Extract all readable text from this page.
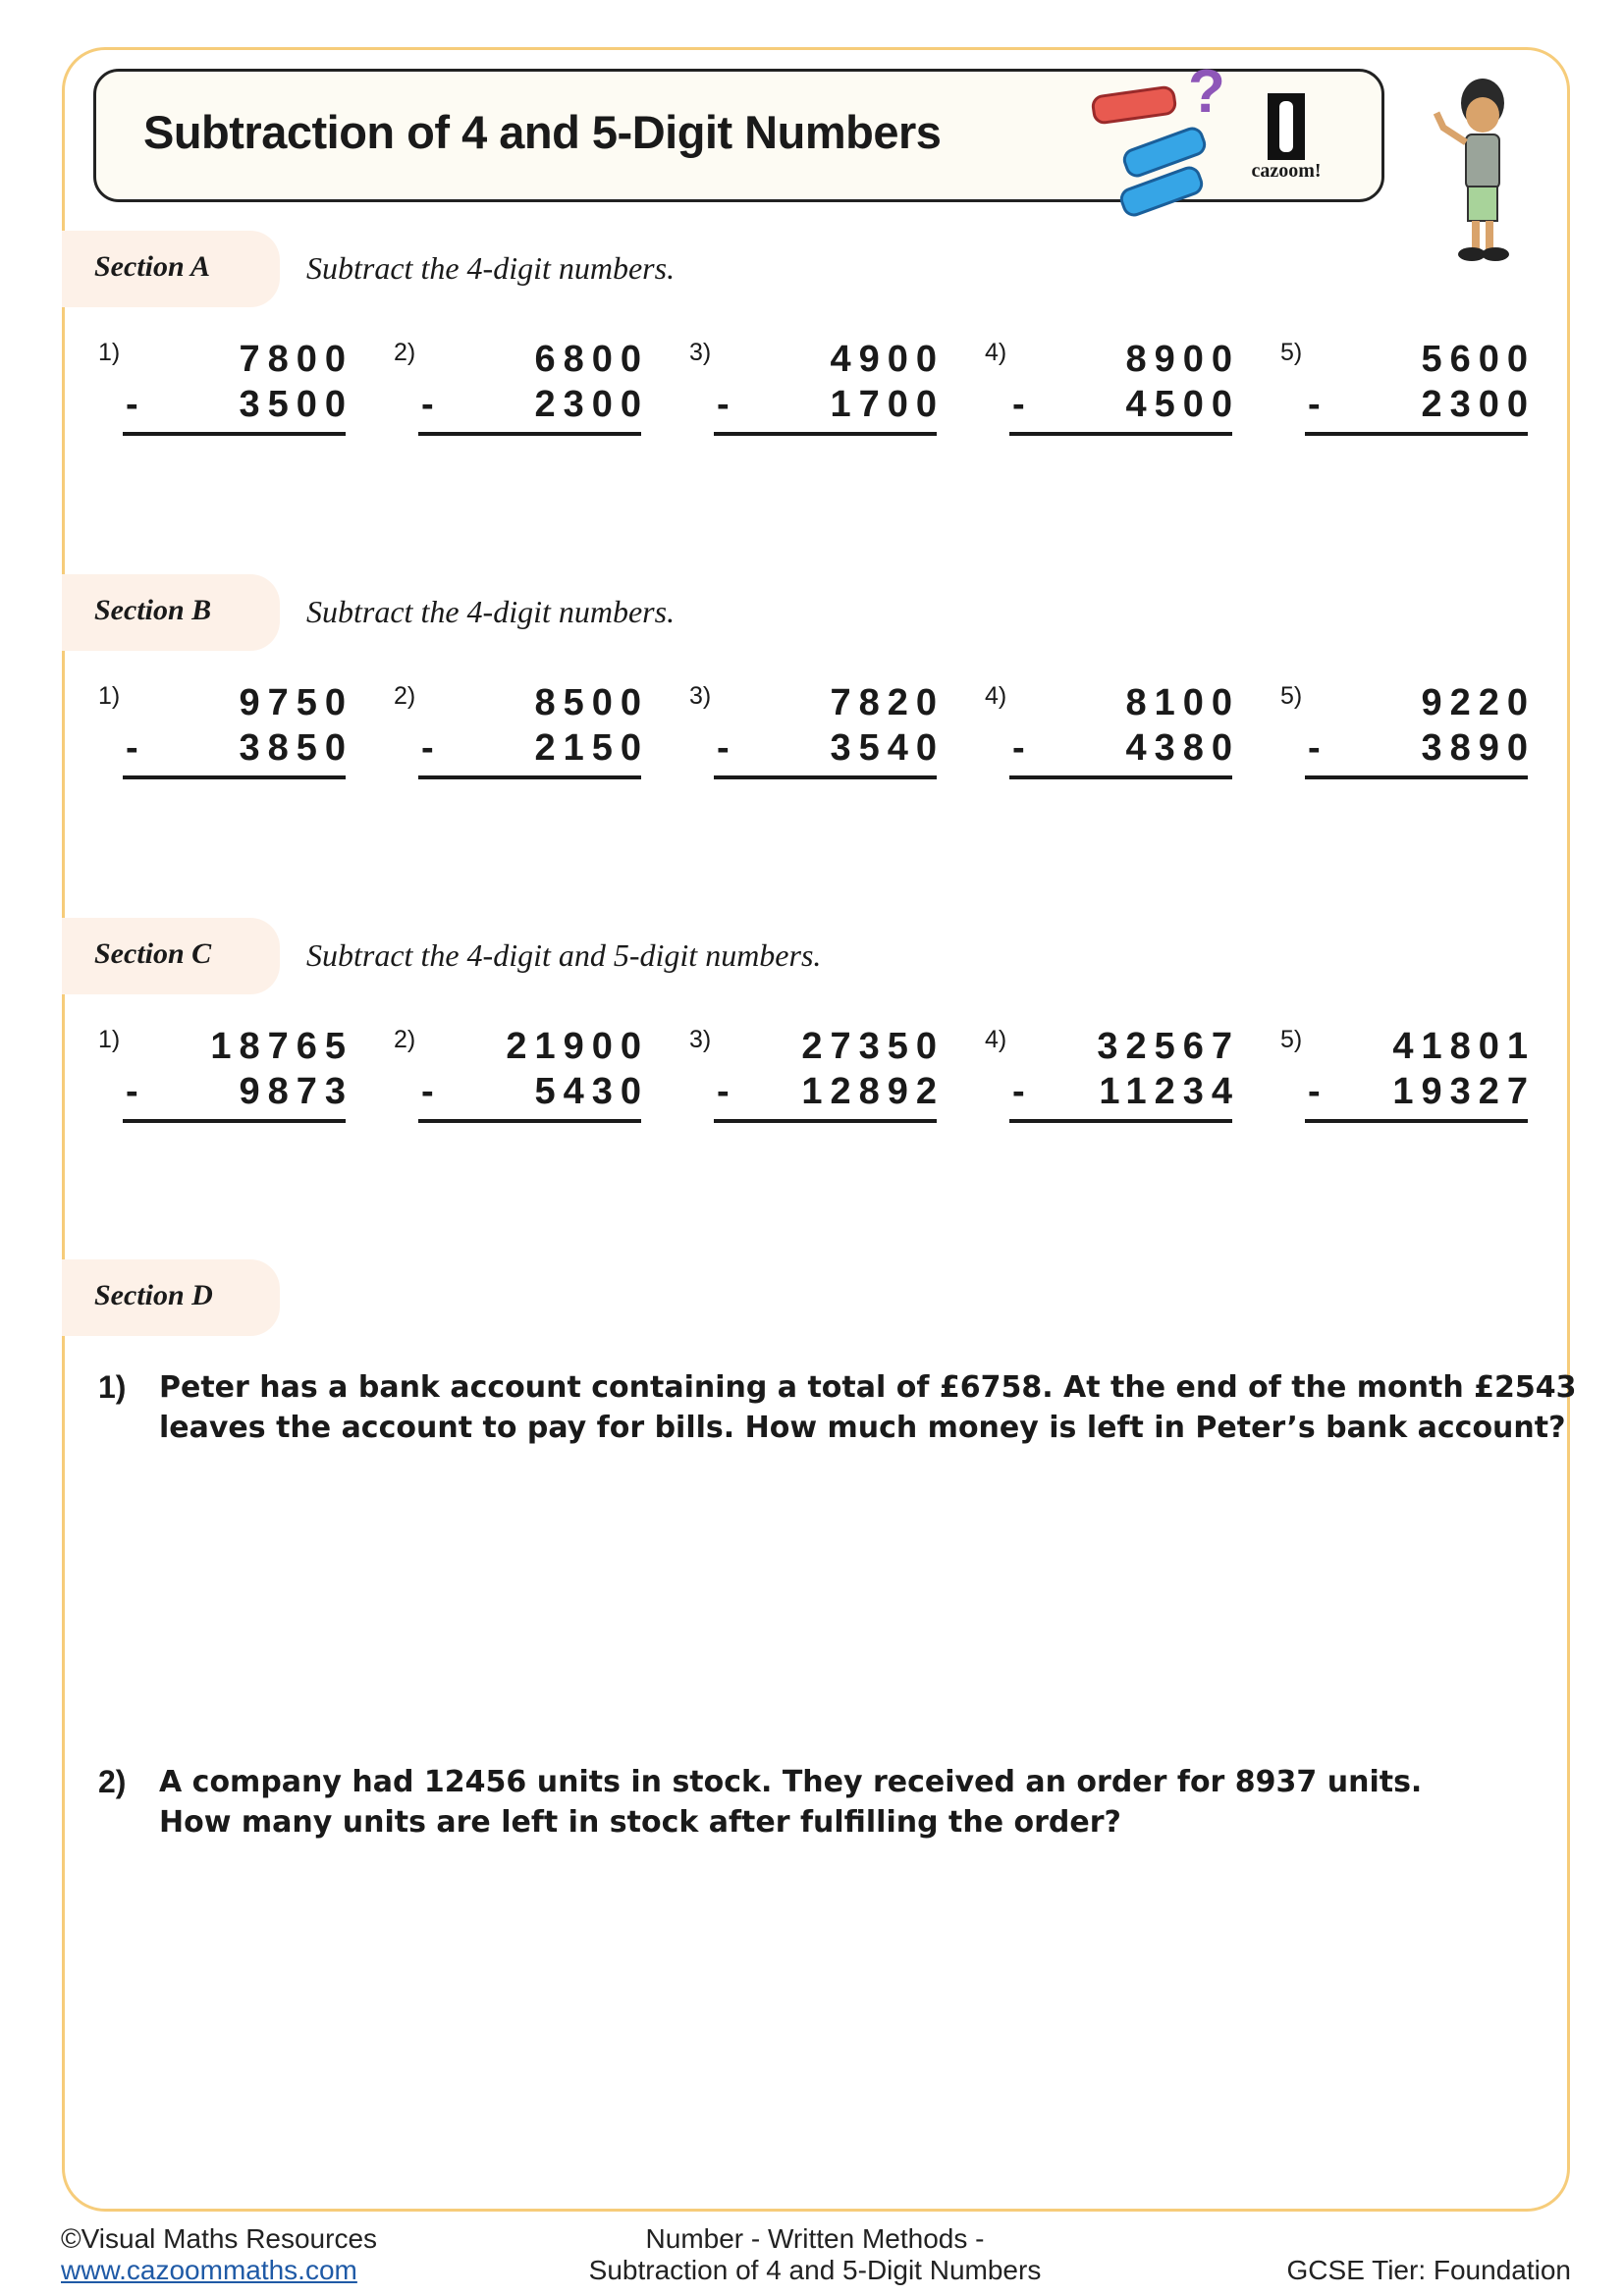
Subtraction of 4 and 5-Digit Numbers
?
cazoom!
Section A	Subtract the 4-digit numbers.
1)	7800
-	3500
2)	6800
-	2300
3)	4900
-	1700
4)	8900
-	4500
5)	5600
-	2300
Section B	Subtract the 4-digit numbers.
1)	9750
-	3850
2)	8500
-	2150
3)	7820
-	3540
4)	8100
-	4380
5)	9220
-	3890
Section C	Subtract the 4-digit and 5-digit numbers.
1) 18765
-	9873
2) 21900
-	5430
3) 27350
- 12892
4) 32567
- 11234
5) 41801
- 19327
Section D
1) Peter has a bank account containing a total of £6758. At the end of the month £2543 leaves the account to pay for bills. How much money is left in Peter’s bank account?
2) A company had 12456 units in stock. They received an order for 8937 units. How many units are left in stock after fulfilling the order?
©Visual Maths Resources
www.cazoommaths.com
Number - Written Methods -
Subtraction of 4 and 5-Digit Numbers	GCSE Tier: Foundation
